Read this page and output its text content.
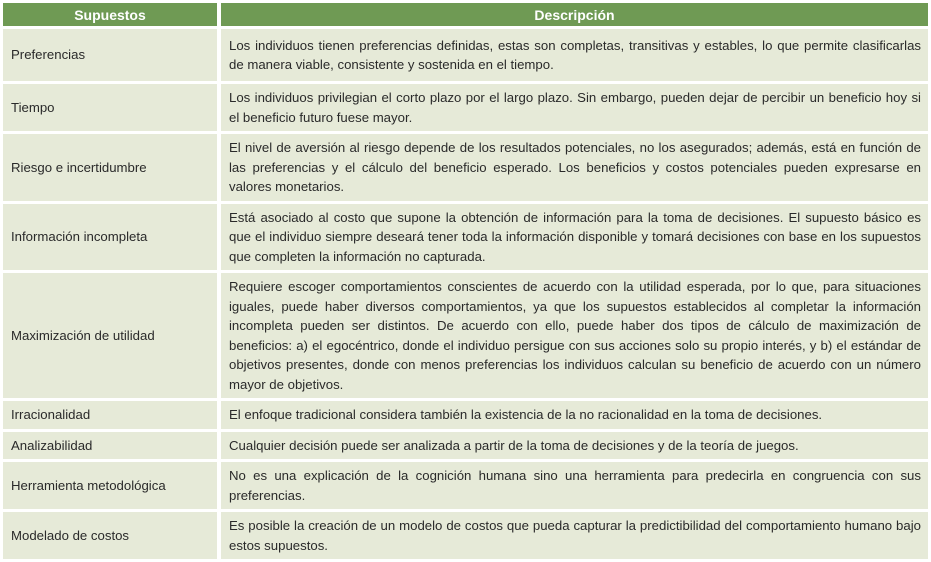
Supuestos	Descripción
Preferencias	Los individuos tienen preferencias definidas, estas son completas, transitivas y estables, lo que permite clasificarlas de manera viable, consistente y sostenida en el tiempo.
Tiempo	Los individuos privilegian el corto plazo por el largo plazo. Sin embargo, pueden dejar de percibir un beneficio hoy si el beneficio futuro fuese mayor.
Riesgo e incertidumbre	El nivel de aversión al riesgo depende de los resultados potenciales, no los asegurados; además, está en función de las preferencias y el cálculo del beneficio esperado. Los beneficios y costos potenciales pueden expresarse en valores monetarios.
Información incompleta	Está asociado al costo que supone la obtención de información para la toma de decisiones. El supuesto básico es que el individuo siempre deseará tener toda la información disponible y tomará decisiones con base en los supuestos que completen la información no capturada.
Maximización de utilidad	Requiere escoger comportamientos conscientes de acuerdo con la utilidad esperada, por lo que, para situaciones iguales, puede haber diversos comportamientos, ya que los supuestos establecidos al completar la información incompleta pueden ser distintos. De acuerdo con ello, puede haber dos tipos de cálculo de maximización de beneficios: a) el egocéntrico, donde el individuo persigue con sus acciones solo su propio interés, y b) el estándar de objetivos presentes, donde con menos preferencias los individuos calculan su beneficio de acuerdo con un número mayor de objetivos.
Irracionalidad	El enfoque tradicional considera también la existencia de la no racionalidad en la toma de decisiones.
Analizabilidad	Cualquier decisión puede ser analizada a partir de la toma de decisiones y de la teoría de juegos.
Herramienta metodológica	No es una explicación de la cognición humana sino una herramienta para predecirla en congruencia con sus preferencias.
Modelado de costos	Es posible la creación de un modelo de costos que pueda capturar la predictibilidad del comportamiento humano bajo estos supuestos.
